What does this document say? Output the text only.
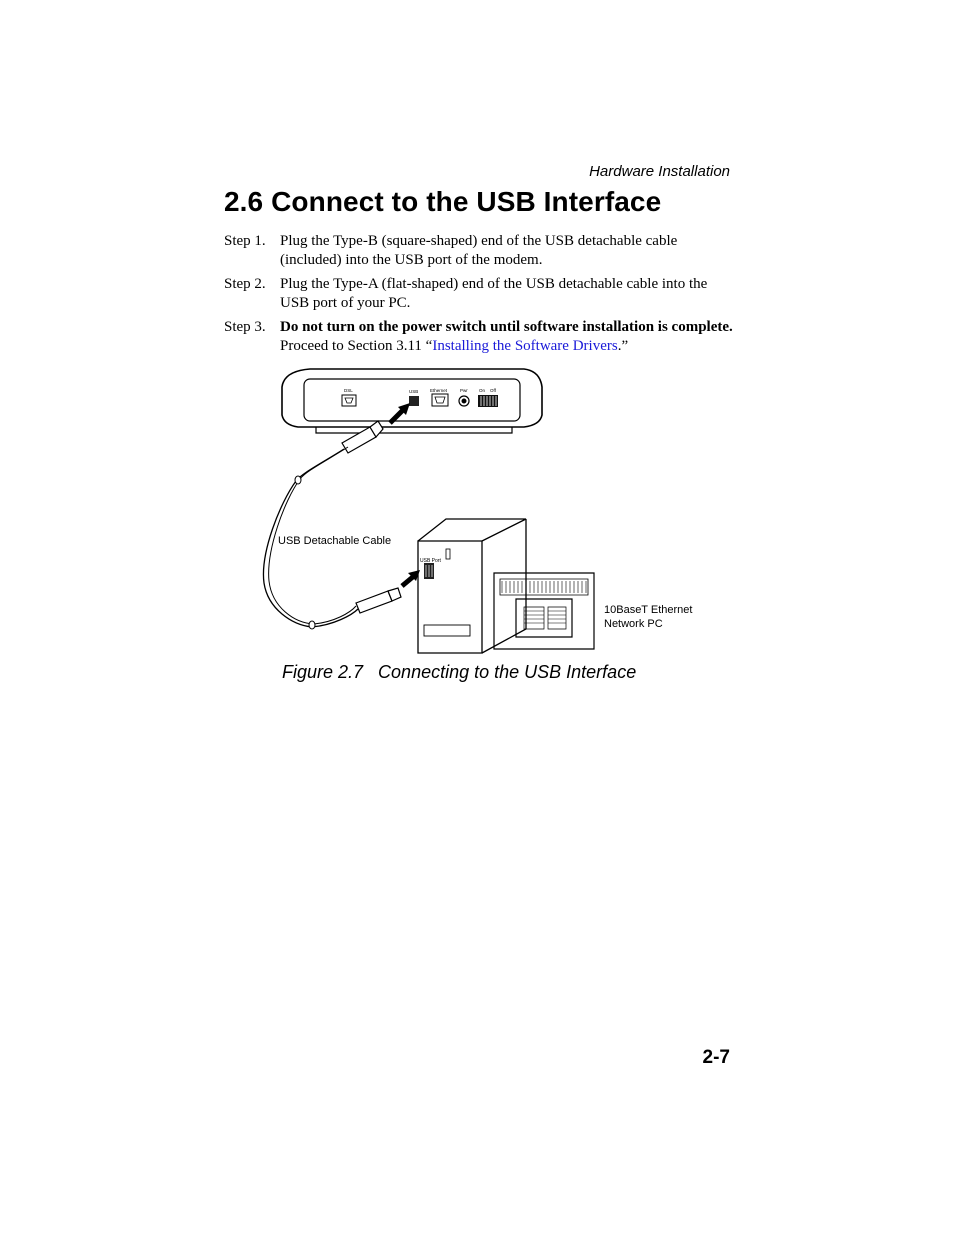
Hardware Installation
2.6 Connect to the USB Interface
Step 1. Plug the Type-B (square-shaped) end of the USB detachable cable (included) into the USB port of the modem.
Step 2. Plug the Type-A (flat-shaped) end of the USB detachable cable into the USB port of your PC.
Step 3. Do not turn on the power switch until software installation is complete. Proceed to Section 3.11 “Installing the Software Drivers.”
DSL	USB	Ethernet	Pwr	On Off
USB Port
USB Detachable Cable
10BaseT Ethernet
Network PC
Figure 2.7   Connecting to the USB Interface
2-7
